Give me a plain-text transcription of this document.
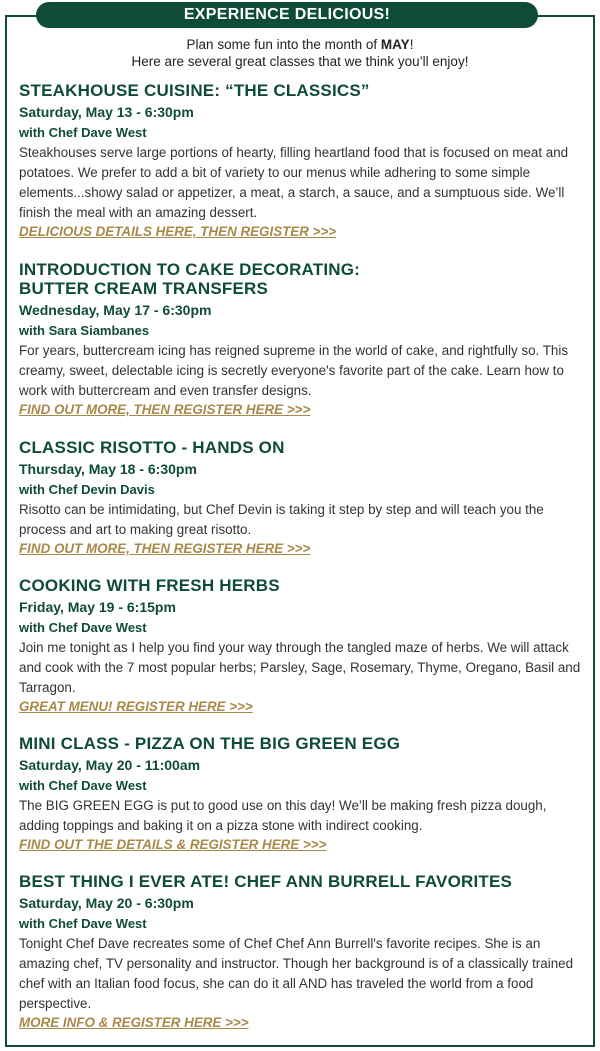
EXPERIENCE DELICIOUS!
Plan some fun into the month of MAY!
Here are several great classes that we think you’ll enjoy!
STEAKHOUSE CUISINE: “THE CLASSICS”
Saturday, May 13 - 6:30pm
with Chef Dave West
Steakhouses serve large portions of hearty, filling heartland food that is focused on meat and potatoes. We prefer to add a bit of variety to our menus while adhering to some simple elements...showy salad or appetizer, a meat, a starch, a sauce, and a sumptuous side. We’ll finish the meal with an amazing dessert.
DELICIOUS DETAILS HERE, THEN REGISTER >>>
INTRODUCTION TO CAKE DECORATING:
BUTTER CREAM TRANSFERS
Wednesday, May 17 - 6:30pm
with Sara Siambanes
For years, buttercream icing has reigned supreme in the world of cake, and rightfully so. This creamy, sweet, delectable icing is secretly everyone's favorite part of the cake. Learn how to work with buttercream and even transfer designs.
FIND OUT MORE, THEN REGISTER HERE >>>
CLASSIC RISOTTO - HANDS ON
Thursday, May 18 - 6:30pm
with Chef Devin Davis
Risotto can be intimidating, but Chef Devin is taking it step by step and will teach you the process and art to making great risotto.
FIND OUT MORE, THEN REGISTER HERE >>>
COOKING WITH FRESH HERBS
Friday, May 19 - 6:15pm
with Chef Dave West
Join me tonight as I help you find your way through the tangled maze of herbs. We will attack and cook with the 7 most popular herbs; Parsley, Sage, Rosemary, Thyme, Oregano, Basil and Tarragon.
GREAT MENU! REGISTER HERE >>>
MINI CLASS - PIZZA ON THE BIG GREEN EGG
Saturday, May 20 - 11:00am
with Chef Dave West
The BIG GREEN EGG is put to good use on this day! We’ll be making fresh pizza dough, adding toppings and baking it on a pizza stone with indirect cooking.
FIND OUT THE DETAILS & REGISTER HERE >>>
BEST THING I EVER ATE! CHEF ANN BURRELL FAVORITES
Saturday, May 20 - 6:30pm
with Chef Dave West
Tonight Chef Dave recreates some of Chef Chef Ann Burrell's favorite recipes. She is an amazing chef, TV personality and instructor. Though her background is of a classically trained chef with an Italian food focus, she can do it all AND has traveled the world from a food perspective.
MORE INFO & REGISTER HERE >>>
